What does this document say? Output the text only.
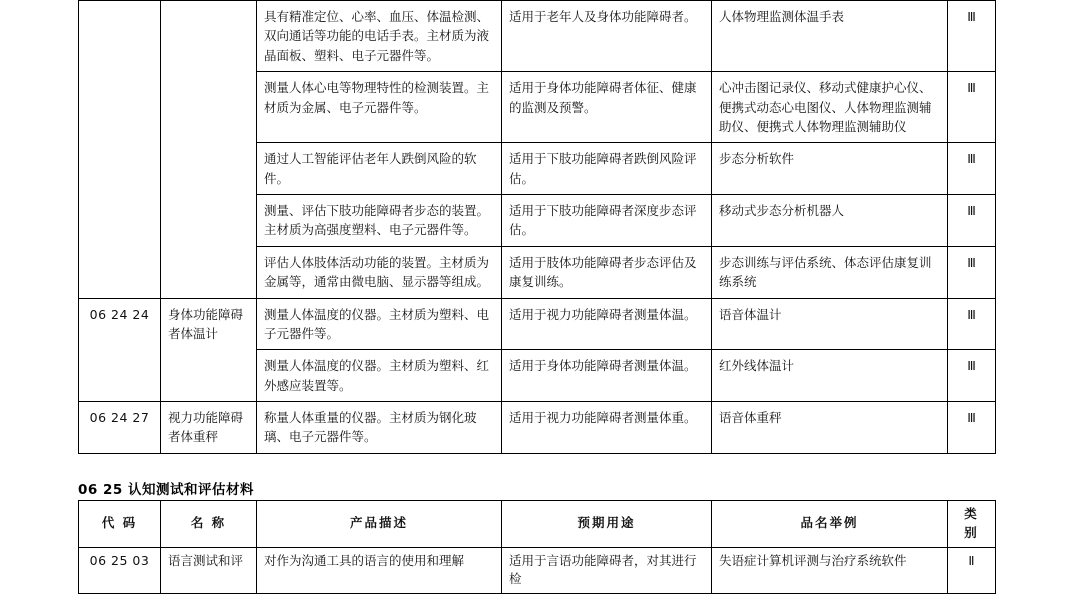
		具有精准定位、心率、血压、体温检测、双向通话等功能的电话手表。主材质为液晶面板、塑料、电子元器件等。	适用于老年人及身体功能障碍者。	人体物理监测体温手表	Ⅲ
		测量人体心电等物理特性的检测装置。主材质为金属、电子元器件等。	适用于身体功能障碍者体征、健康的监测及预警。	心冲击图记录仪、移动式健康护心仪、便携式动态心电图仪、人体物理监测辅助仪、便携式人体物理监测辅助仪	Ⅲ
		通过人工智能评估老年人跌倒风险的软件。	适用于下肢功能障碍者跌倒风险评估。	步态分析软件	Ⅲ
		测量、评估下肢功能障碍者步态的装置。主材质为高强度塑料、电子元器件等。	适用于下肢功能障碍者深度步态评估。	移动式步态分析机器人	Ⅲ
		评估人体肢体活动功能的装置。主材质为金属等，通常由微电脑、显示器等组成。	适用于肢体功能障碍者步态评估及康复训练。	步态训练与评估系统、体态评估康复训练系统	Ⅲ
06 24 24	身体功能障碍者体温计	测量人体温度的仪器。主材质为塑料、电子元器件等。	适用于视力功能障碍者测量体温。	语音体温计	Ⅲ
		测量人体温度的仪器。主材质为塑料、红外感应装置等。	适用于身体功能障碍者测量体温。	红外线体温计	Ⅲ
06 24 27	视力功能障碍者体重秤	称量人体重量的仪器。主材质为钢化玻璃、电子元器件等。	适用于视力功能障碍者测量体重。	语音体重秤	Ⅲ
06 25 认知测试和评估材料
代 码	名 称	产品描述	预期用途	品名举例	类 别
06 25 03	语言测试和评	对作为沟通工具的语言的使用和理解	适用于言语功能障碍者，对其进行检	失语症计算机评测与治疗系统软件	Ⅱ
